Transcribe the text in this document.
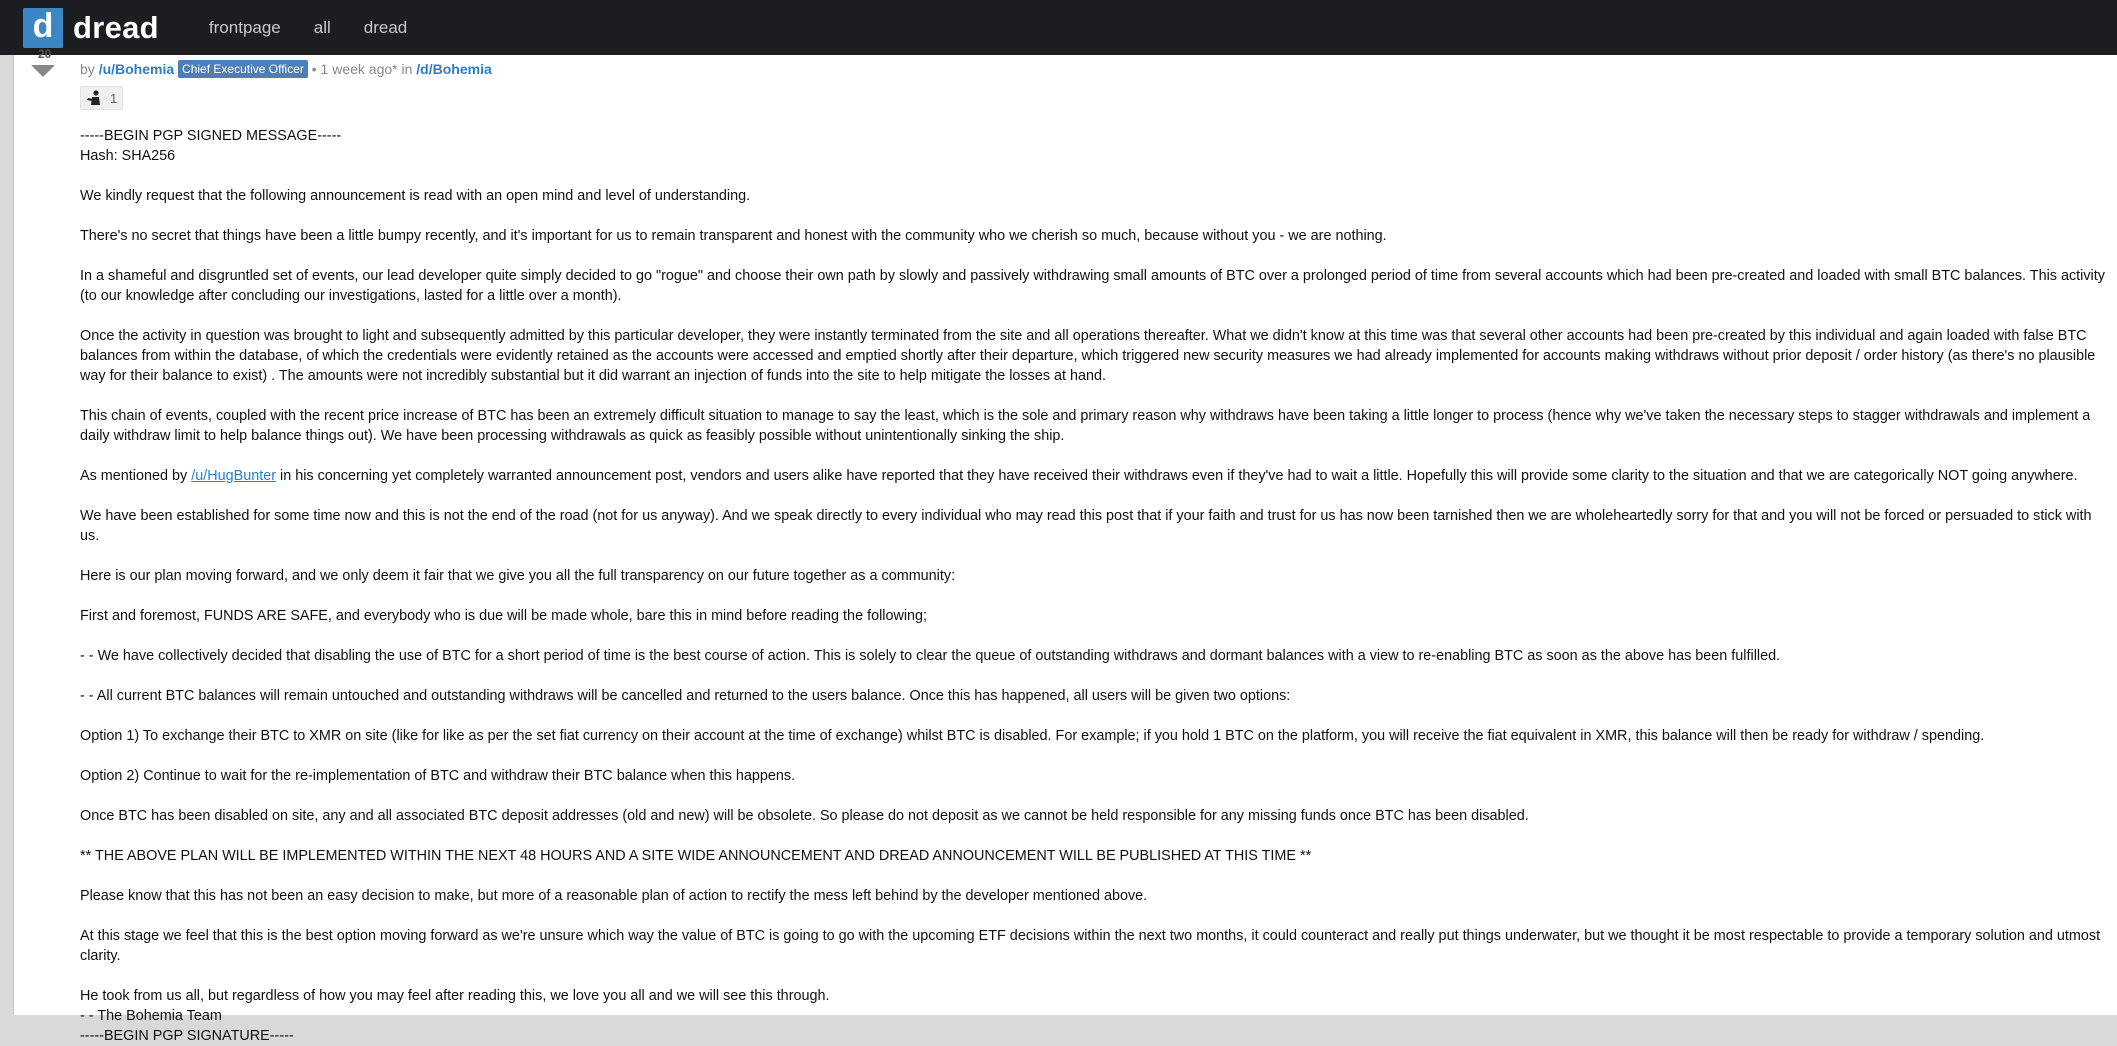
d dread	frontpage all dread
20
by /u/Bohemia Chief Executive Officer • 1 week ago* in /d/Bohemia
1

-----BEGIN PGP SIGNED MESSAGE-----

Hash: SHA256

We kindly request that the following announcement is read with an open mind and level of understanding.

There's no secret that things have been a little bumpy recently, and it's important for us to remain transparent and honest with the community who we cherish so much, because without you - we are nothing.

In a shameful and disgruntled set of events, our lead developer quite simply decided to go "rogue" and choose their own path by slowly and passively withdrawing small amounts of BTC over a prolonged period of time from several accounts which had been pre-created and loaded with small BTC balances. This activity (to our knowledge after concluding our investigations, lasted for a little over a month).

Once the activity in question was brought to light and subsequently admitted by this particular developer, they were instantly terminated from the site and all operations thereafter. What we didn't know at this time was that several other accounts had been pre-created by this individual and again loaded with false BTC balances from within the database, of which the credentials were evidently retained as the accounts were accessed and emptied shortly after their departure, which triggered new security measures we had already implemented for accounts making withdraws without prior deposit / order history (as there's no plausible way for their balance to exist) . The amounts were not incredibly substantial but it did warrant an injection of funds into the site to help mitigate the losses at hand.

This chain of events, coupled with the recent price increase of BTC has been an extremely difficult situation to manage to say the least, which is the sole and primary reason why withdraws have been taking a little longer to process (hence why we've taken the necessary steps to stagger withdrawals and implement a daily withdraw limit to help balance things out). We have been processing withdrawals as quick as feasibly possible without unintentionally sinking the ship.

As mentioned by /u/HugBunter in his concerning yet completely warranted announcement post, vendors and users alike have reported that they have received their withdraws even if they've had to wait a little. Hopefully this will provide some clarity to the situation and that we are categorically NOT going anywhere.

We have been established for some time now and this is not the end of the road (not for us anyway). And we speak directly to every individual who may read this post that if your faith and trust for us has now been tarnished then we are wholeheartedly sorry for that and you will not be forced or persuaded to stick with us.

Here is our plan moving forward, and we only deem it fair that we give you all the full transparency on our future together as a community:

First and foremost, FUNDS ARE SAFE, and everybody who is due will be made whole, bare this in mind before reading the following;

- - We have collectively decided that disabling the use of BTC for a short period of time is the best course of action. This is solely to clear the queue of outstanding withdraws and dormant balances with a view to re-enabling BTC as soon as the above has been fulfilled.

- - All current BTC balances will remain untouched and outstanding withdraws will be cancelled and returned to the users balance. Once this has happened, all users will be given two options:

Option 1) To exchange their BTC to XMR on site (like for like as per the set fiat currency on their account at the time of exchange) whilst BTC is disabled. For example; if you hold 1 BTC on the platform, you will receive the fiat equivalent in XMR, this balance will then be ready for withdraw / spending.

Option 2) Continue to wait for the re-implementation of BTC and withdraw their BTC balance when this happens.

Once BTC has been disabled on site, any and all associated BTC deposit addresses (old and new) will be obsolete. So please do not deposit as we cannot be held responsible for any missing funds once BTC has been disabled.

** THE ABOVE PLAN WILL BE IMPLEMENTED WITHIN THE NEXT 48 HOURS AND A SITE WIDE ANNOUNCEMENT AND DREAD ANNOUNCEMENT WILL BE PUBLISHED AT THIS TIME **

Please know that this has not been an easy decision to make, but more of a reasonable plan of action to rectify the mess left behind by the developer mentioned above.

At this stage we feel that this is the best option moving forward as we're unsure which way the value of BTC is going to go with the upcoming ETF decisions within the next two months, it could counteract and really put things underwater, but we thought it be most respectable to provide a temporary solution and utmost clarity.

He took from us all, but regardless of how you may feel after reading this, we love you all and we will see this through.

- - The Bohemia Team

-----BEGIN PGP SIGNATURE-----
